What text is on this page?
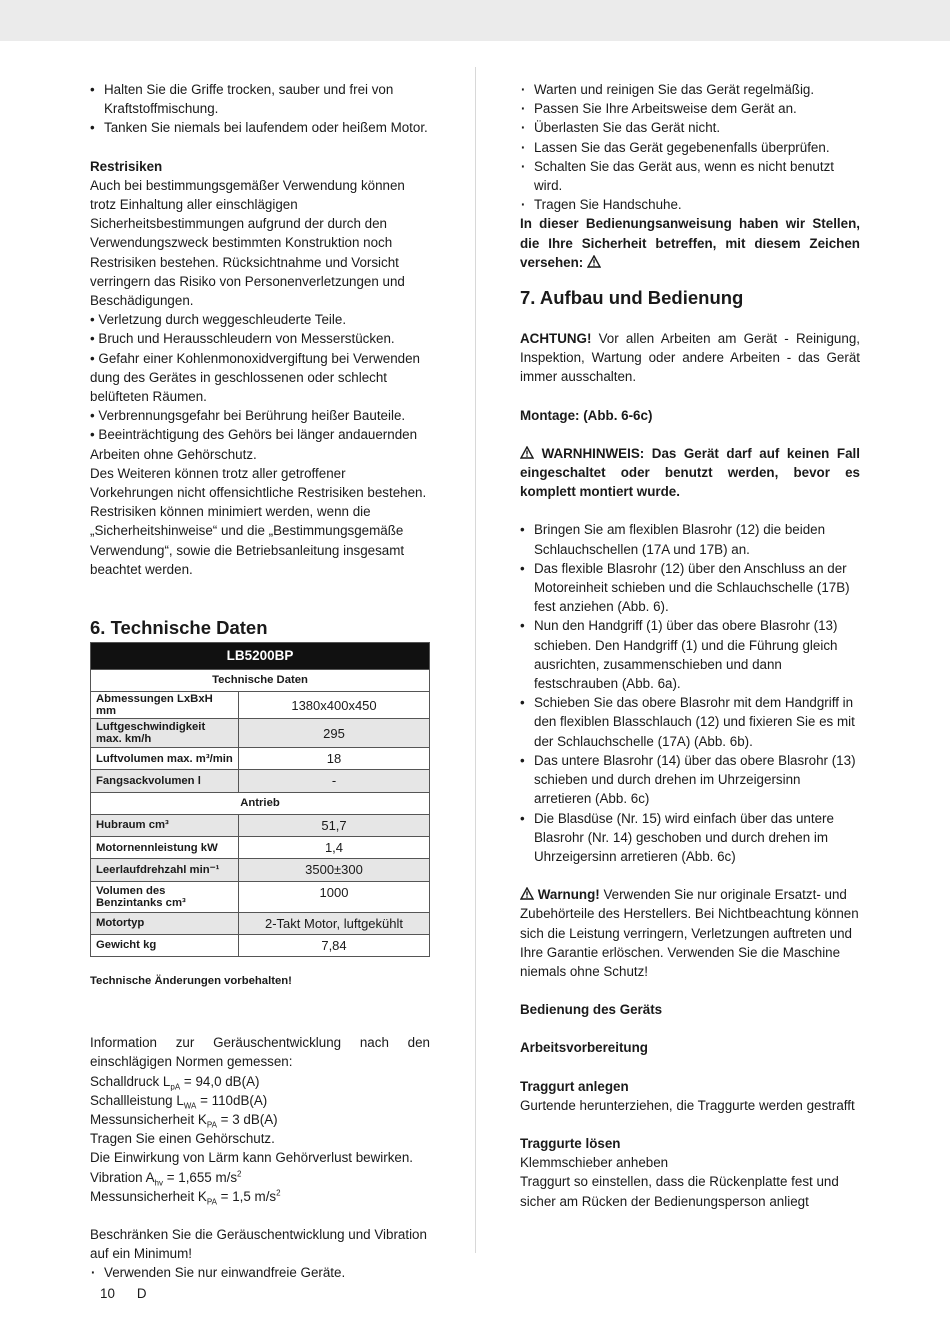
• Halten Sie die Griffe trocken, sauber und frei von Kraftstoffmischung.
• Tanken Sie niemals bei laufendem oder heißem Motor.

Restrisiken

Auch bei bestimmungsgemäßer Verwendung können trotz Einhaltung aller einschlägigen Sicherheitsbestimmungen aufgrund der durch den Verwendungszweck bestimmten Konstruktion noch Restrisiken bestehen. Rücksichtnahme und Vorsicht verringern das Risiko von Personenverletzungen und Beschädigungen.

• Verletzung durch weggeschleuderte Teile.

• Bruch und Herausschleudern von Messerstücken.

• Gefahr einer Kohlenmonoxidvergiftung bei Verwenden dung des Gerätes in geschlossenen oder schlecht belüfteten Räumen.

• Verbrennungsgefahr bei Berührung heißer Bauteile.

• Beeinträchtigung des Gehörs bei länger andauernden Arbeiten ohne Gehörschutz.

Des Weiteren können trotz aller getroffener Vorkehrungen nicht offensichtliche Restrisiken bestehen. Restrisiken können minimiert werden, wenn die „Sicherheitshinweise“ und die „Bestimmungsgemäße Verwendung“, sowie die Betriebsanleitung insgesamt beachtet werden.

6. Technische Daten

LB5200BP	
Technische Daten	
Abmessungen LxBxH mm	1380x400x450
Luftgeschwindigkeit max. km/h	295
Luftvolumen max. m³/min	18
Fangsackvolumen l	-
Antrieb	
Hubraum cm³	51,7
Motornennleistung kW	1,4
Leerlaufdrehzahl min⁻¹	3500±300
Volumen des Benzintanks cm³	1000
Motortyp	2-Takt Motor, luftgekühlt
Gewicht kg	7,84

Technische Änderungen vorbehalten!

Information zur Geräuschentwicklung nach den einschlägigen Normen gemessen:

Schalldruck $L_{pA} = 94,0$ dB(A)

Schallleistung $L_{WA} = 110dB(A)$

Messunsicherheit $K_{PA} = 3$ dB(A)

Tragen Sie einen Gehörschutz.

Die Einwirkung von Lärm kann Gehörverlust bewirken.

Vibration $A_{hv} = 1,655$ $m/s^2$

Messunsicherheit $K_{PA} = 1,5$ $m/s^2$

Beschränken Sie die Geräuschentwicklung und Vibration auf ein Minimum!

· Verwenden Sie nur einwandfreie Geräte.
· Warten und reinigen Sie das Gerät regelmäßig.
· Passen Sie Ihre Arbeitsweise dem Gerät an.
· Überlasten Sie das Gerät nicht.
· Lassen Sie das Gerät gegebenenfalls überprüfen.
· Schalten Sie das Gerät aus, wenn es nicht benutzt wird.
· Tragen Sie Handschuhe.

In dieser Bedienungsanweisung haben wir Stellen, die Ihre Sicherheit betreffen, mit diesem Zeichen versehen:

7. Aufbau und Bedienung

ACHTUNG! Vor allen Arbeiten am Gerät - Reinigung, Inspektion, Wartung oder andere Arbeiten - das Gerät immer ausschalten.

Montage: (Abb. 6-6c)

WARNHINWEIS: Das Gerät darf auf keinen Fall eingeschaltet oder benutzt werden, bevor es komplett montiert wurde.

• Bringen Sie am flexiblen Blasrohr (12) die beiden Schlauchschellen (17A und 17B) an.
• Das flexible Blasrohr (12) über den Anschluss an der Motoreinheit schieben und die Schlauchschelle (17B) fest anziehen (Abb. 6).
• Nun den Handgriff (1) über das obere Blasrohr (13) schieben. Den Handgriff (1) und die Führung gleich ausrichten, zusammenschieben und dann festschrauben (Abb. 6a).
• Schieben Sie das obere Blasrohr mit dem Handgriff in den flexiblen Blasschlauch (12) und fixieren Sie es mit der Schlauchschelle (17A) (Abb. 6b).
• Das untere Blasrohr (14) über das obere Blasrohr (13) schieben und durch drehen im Uhrzeigersinn arretieren (Abb. 6c)
• Die Blasdüse (Nr. 15) wird einfach über das untere Blasrohr (Nr. 14) geschoben und durch drehen im Uhrzeigersinn arretieren (Abb. 6c)

Warnung! Verwenden Sie nur originale Ersatzt- und Zubehörteile des Herstellers. Bei Nichtbeachtung können sich die Leistung verringern, Verletzungen auftreten und Ihre Garantie erlöschen. Verwenden Sie die Maschine niemals ohne Schutz!

Bedienung des Geräts

Arbeitsvorbereitung

Traggurt anlegen

Gurtende herunterziehen, die Traggurte werden gestrafft

Traggurte lösen

Klemmschieber anheben

Traggurt so einstellen, dass die Rückenplatte fest und sicher am Rücken der Bedienungsperson anliegt

10 D
